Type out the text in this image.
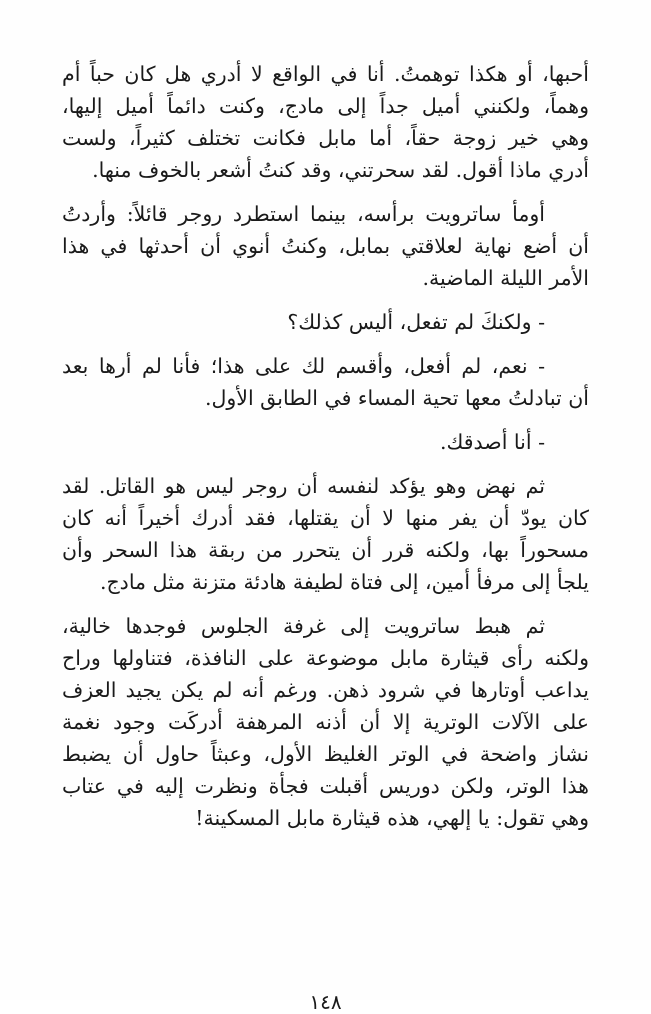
أحبها، أو هكذا توهمتُ. أنا في الواقع لا أدري هل كان حباً أم
وهماً، ولكنني أميل جداً إلى مادج، وكنت دائماً أميل إليها،
وهي خير زوجة حقاً، أما مابل فكانت تختلف كثيراً، ولست
أدري ماذا أقول. لقد سحرتني، وقد كنتُ أشعر بالخوف منها.
أومأ ساترويت برأسه، بينما استطرد روجر قائلاً: وأردتُ
أن أضع نهاية لعلاقتي بمابل، وكنتُ أنوي أن أحدثها في هذا
الأمر الليلة الماضية.
- ولكنكَ لم تفعل، أليس كذلك؟
- نعم، لم أفعل، وأقسم لك على هذا؛ فأنا لم أرها بعد
أن تبادلتُ معها تحية المساء في الطابق الأول.
- أنا أصدقك.
ثم نهض وهو يؤكد لنفسه أن روجر ليس هو القاتل. لقد
كان يودّ أن يفر منها لا أن يقتلها، فقد أدرك أخيراً أنه كان
مسحوراً بها، ولكنه قرر أن يتحرر من ربقة هذا السحر وأن
يلجأ إلى مرفأ أمين، إلى فتاة لطيفة هادئة متزنة مثل مادج.
ثم هبط ساترويت إلى غرفة الجلوس فوجدها خالية،
ولكنه رأى قيثارة مابل موضوعة على النافذة، فتناولها وراح
يداعب أوتارها في شرود ذهن. ورغم أنه لم يكن يجيد العزف
على الآلات الوترية إلا أن أذنه المرهفة أدركَت وجود نغمة
نشاز واضحة في الوتر الغليظ الأول، وعبثاً حاول أن يضبط
هذا الوتر، ولكن دوريس أقبلت فجأة ونظرت إليه في عتاب
وهي تقول: يا إلهي، هذه قيثارة مابل المسكينة!
١٤٨
